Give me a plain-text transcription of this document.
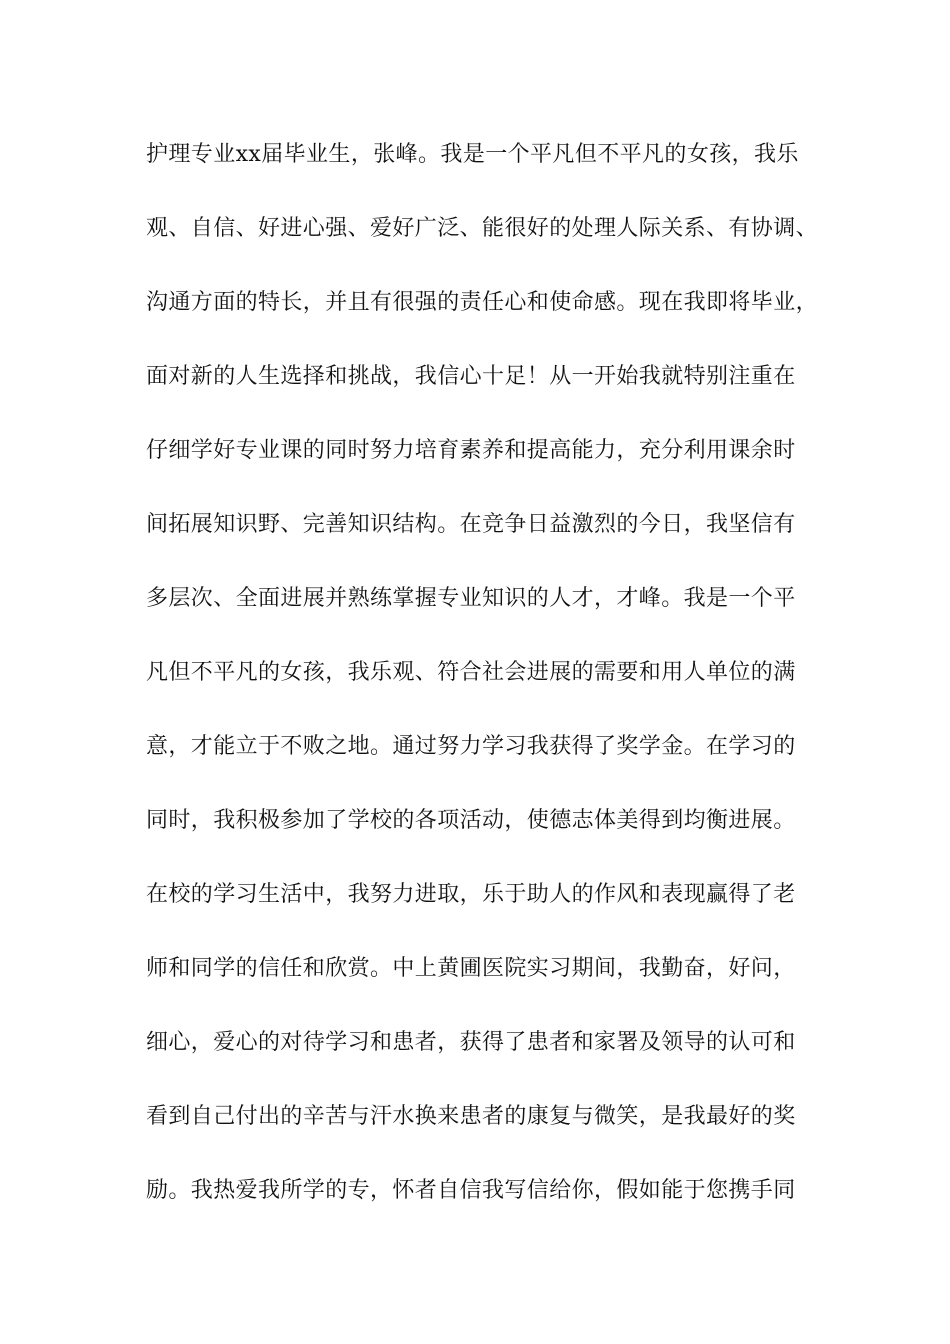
护理专业xx届毕业生，张峰。我是一个平凡但不平凡的女孩，我乐
观、自信、好进心强、爱好广泛、能很好的处理人际关系、有协调、
沟通方面的特长，并且有很强的责任心和使命感。现在我即将毕业，
面对新的人生选择和挑战，我信心十足！从一开始我就特别注重在
仔细学好专业课的同时努力培育素养和提高能力，充分利用课余时
间拓展知识野、完善知识结构。在竞争日益激烈的今日，我坚信有
多层次、全面进展并熟练掌握专业知识的人才，才峰。我是一个平
凡但不平凡的女孩，我乐观、符合社会进展的需要和用人单位的满
意，才能立于不败之地。通过努力学习我获得了奖学金。在学习的
同时，我积极参加了学校的各项活动，使德志体美得到均衡进展。
在校的学习生活中，我努力进取，乐于助人的作风和表现赢得了老
师和同学的信任和欣赏。中上黄圃医院实习期间，我勤奋，好问，
细心，爱心的对待学习和患者，获得了患者和家署及领导的认可和
看到自己付出的辛苦与汗水换来患者的康复与微笑，是我最好的奖
励。我热爱我所学的专，怀者自信我写信给你，假如能于您携手同
